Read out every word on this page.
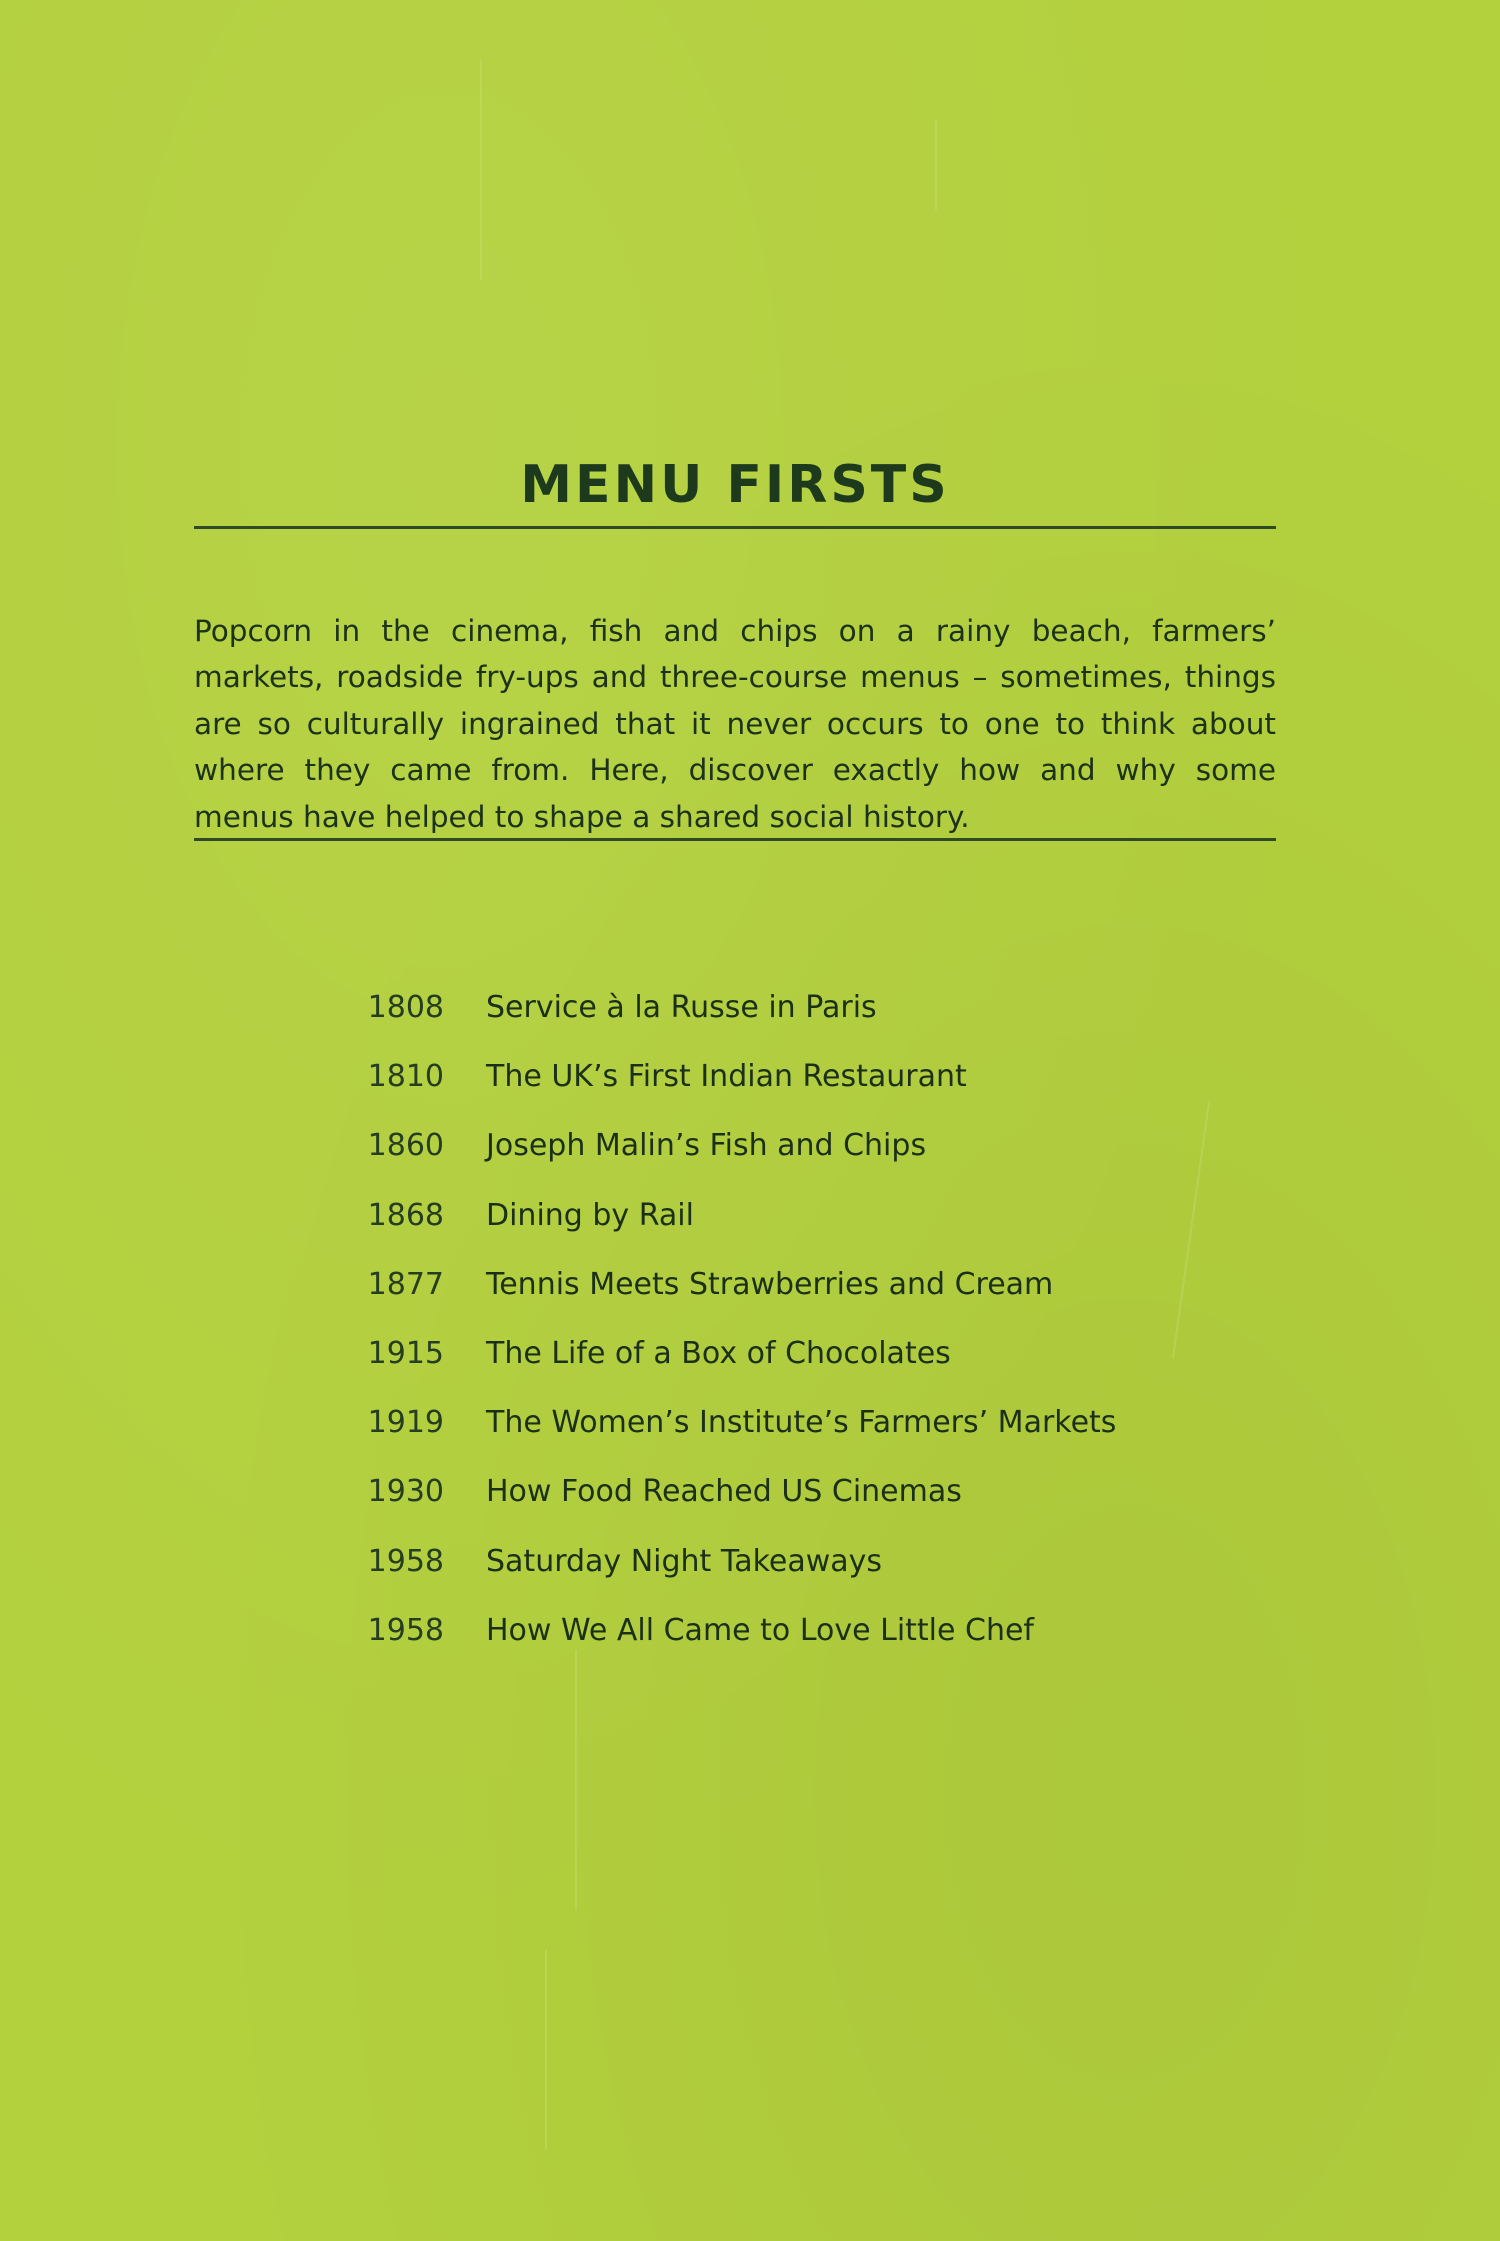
MENU FIRSTS

Popcorn in the cinema, fish and chips on a rainy beach, farmers’ markets, roadside fry-ups and three-course menus – sometimes, things are so culturally ingrained that it never occurs to one to think about where they came from. Here, discover exactly how and why some menus have helped to shape a shared social history.

1808 Service à la Russe in Paris
1810 The UK’s First Indian Restaurant
1860 Joseph Malin’s Fish and Chips
1868 Dining by Rail
1877 Tennis Meets Strawberries and Cream
1915 The Life of a Box of Chocolates
1919 The Women’s Institute’s Farmers’ Markets
1930 How Food Reached US Cinemas
1958 Saturday Night Takeaways
1958 How We All Came to Love Little Chef
